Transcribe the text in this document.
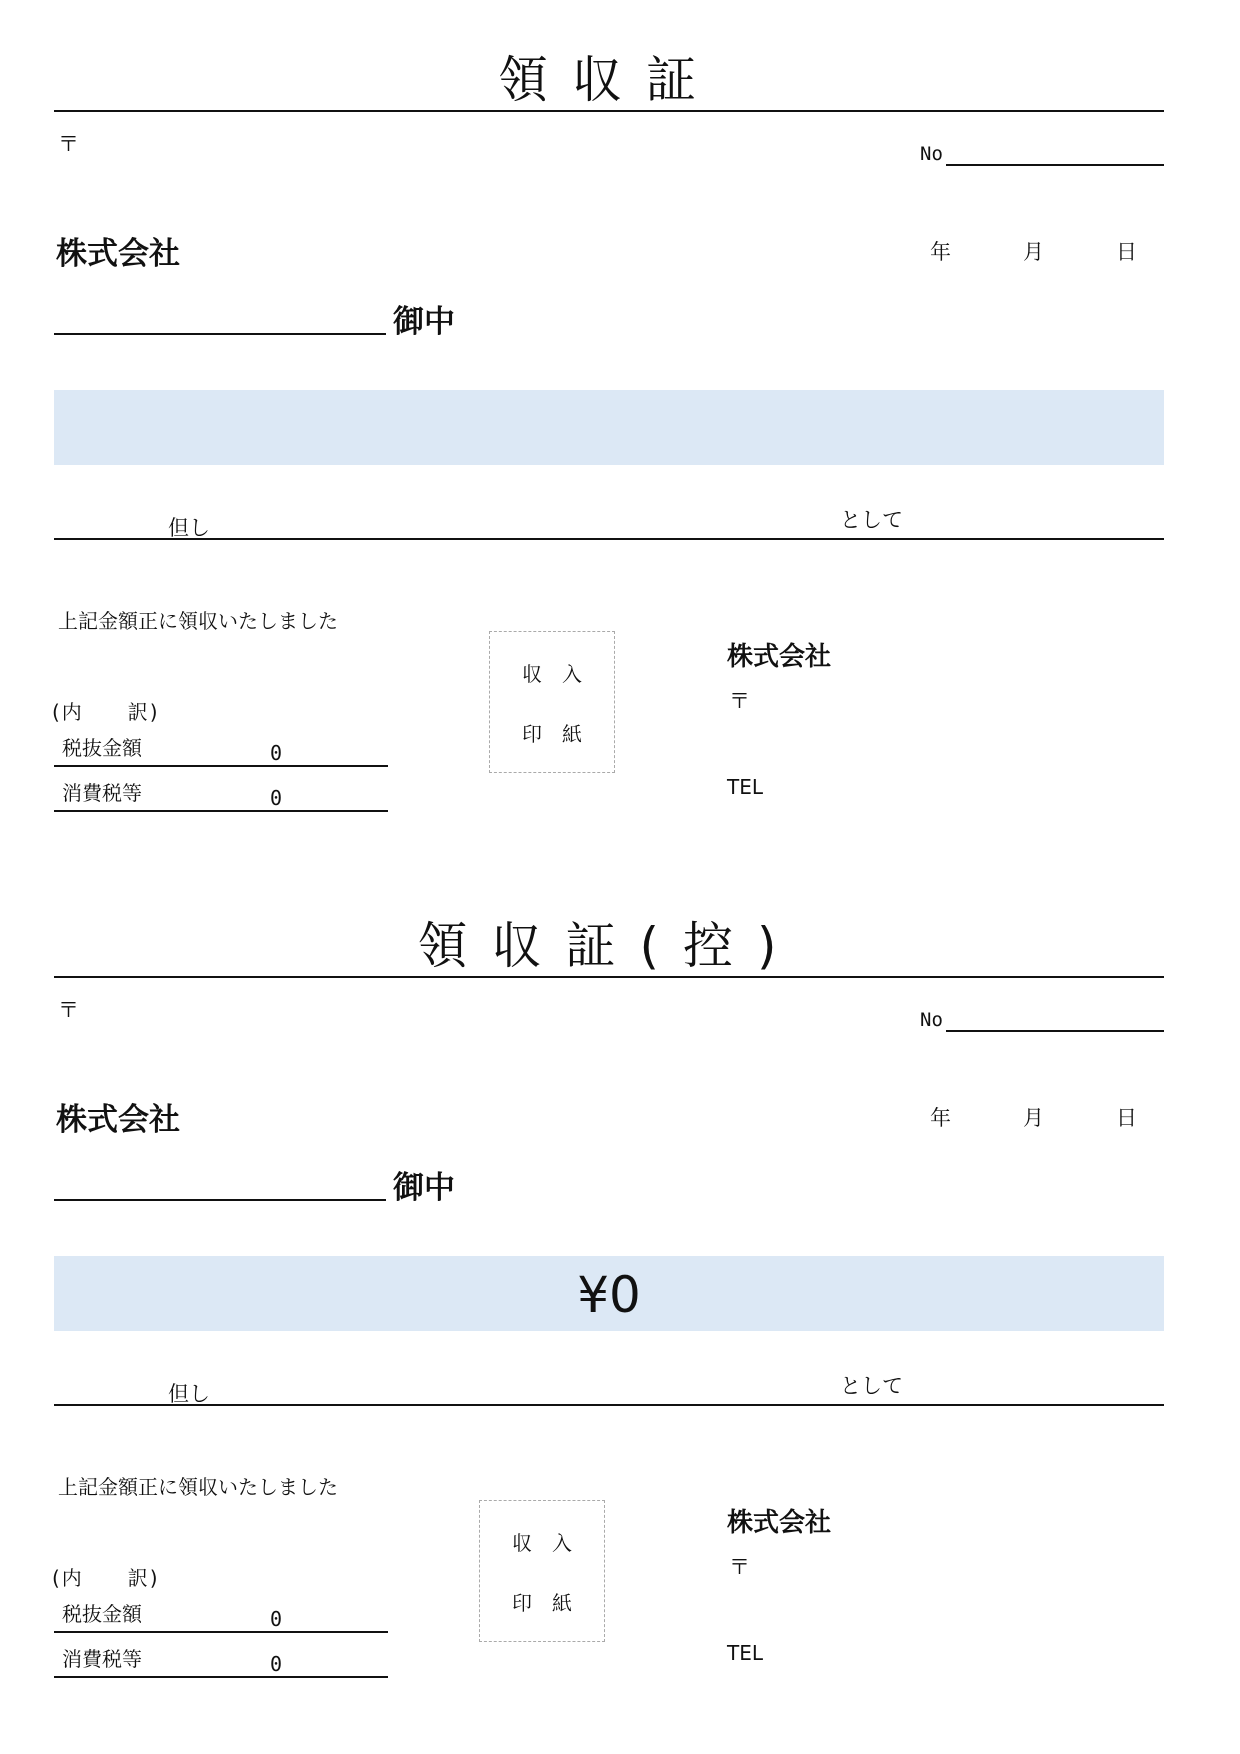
領収証
〒	No
株式会社	年	月	日
御中
但し	として
上記金額正に領収いたしました
(内　　訳)
税抜金額	0
消費税等	0
収入
印紙
株式会社
〒
TEL
領収証(控)
〒	No
株式会社	年	月	日
御中
¥0
但し	として
上記金額正に領収いたしました
(内　　訳)
税抜金額	0
消費税等	0
収入
印紙
株式会社
〒
TEL
